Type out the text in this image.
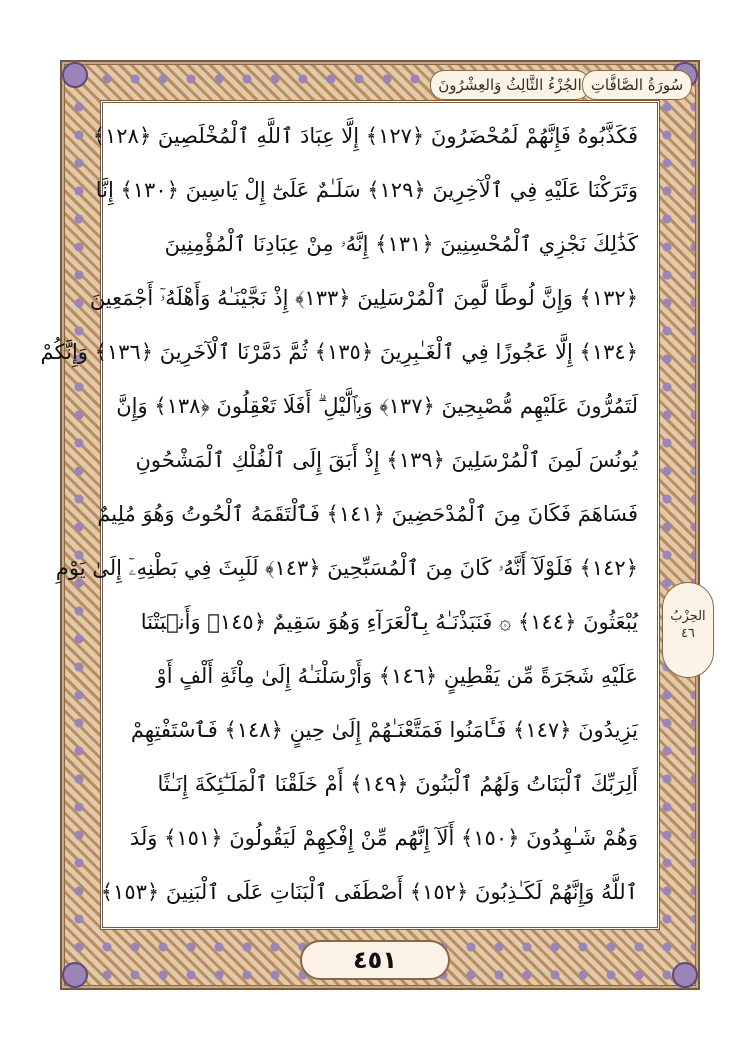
الجُزْءُ الثَّالِثُ وَالعِشْرُونَ سُورَةُ الصَّافَّاتِ
فَكَذَّبُوهُ فَإِنَّهُمْ لَمُحْضَرُونَ ﴿١٢٧﴾ إِلَّا عِبَادَ ٱللَّهِ ٱلْمُخْلَصِينَ ﴿١٢٨﴾
وَتَرَكْنَا عَلَيْهِ فِي ٱلْآخِرِينَ ﴿١٢٩﴾ سَلَـٰمٌ عَلَىٰٓ إِلْ يَاسِينَ ﴿١٣٠﴾ إِنَّا
كَذَٰلِكَ نَجْزِي ٱلْمُحْسِنِينَ ﴿١٣١﴾ إِنَّهُۥ مِنْ عِبَادِنَا ٱلْمُؤْمِنِينَ
﴿١٣٢﴾ وَإِنَّ لُوطًا لَّمِنَ ٱلْمُرْسَلِينَ ﴿١٣٣﴾ إِذْ نَجَّيْنَـٰهُ وَأَهْلَهُۥٓ أَجْمَعِينَ
﴿١٣٤﴾ إِلَّا عَجُوزًا فِي ٱلْغَـٰبِرِينَ ﴿١٣٥﴾ ثُمَّ دَمَّرْنَا ٱلْآخَرِينَ ﴿١٣٦﴾ وَإِنَّكُمْ
لَتَمُرُّونَ عَلَيْهِم مُّصْبِحِينَ ﴿١٣٧﴾ وَبِٱلَّيْلِ ۗ أَفَلَا تَعْقِلُونَ ﴿١٣٨﴾ وَإِنَّ
يُونُسَ لَمِنَ ٱلْمُرْسَلِينَ ﴿١٣٩﴾ إِذْ أَبَقَ إِلَى ٱلْفُلْكِ ٱلْمَشْحُونِ
فَسَاهَمَ فَكَانَ مِنَ ٱلْمُدْحَضِينَ ﴿١٤١﴾ فَٱلْتَقَمَهُ ٱلْحُوتُ وَهُوَ مُلِيمٌ
﴿١٤٢﴾ فَلَوْلَآ أَنَّهُۥ كَانَ مِنَ ٱلْمُسَبِّحِينَ ﴿١٤٣﴾ لَلَبِثَ فِي بَطْنِهِۦٓ إِلَىٰ يَوْمِ
يُبْعَثُونَ ﴿١٤٤﴾ ۞ فَنَبَذْنَـٰهُ بِٱلْعَرَآءِ وَهُوَ سَقِيمٌ ﴿١٤٥﴾ وَأَنۢبَتْنَا
عَلَيْهِ شَجَرَةً مِّن يَقْطِينٍ ﴿١٤٦﴾ وَأَرْسَلْنَـٰهُ إِلَىٰ مِاْئَةِ أَلْفٍ أَوْ
يَزِيدُونَ ﴿١٤٧﴾ فَـَٔامَنُوا فَمَتَّعْنَـٰهُمْ إِلَىٰ حِينٍ ﴿١٤٨﴾ فَٱسْتَفْتِهِمْ
أَلِرَبِّكَ ٱلْبَنَاتُ وَلَهُمُ ٱلْبَنُونَ ﴿١٤٩﴾ أَمْ خَلَقْنَا ٱلْمَلَـٰٓئِكَةَ إِنَـٰثًا
وَهُمْ شَـٰهِدُونَ ﴿١٥٠﴾ أَلَآ إِنَّهُم مِّنْ إِفْكِهِمْ لَيَقُولُونَ ﴿١٥١﴾ وَلَدَ
ٱللَّهُ وَإِنَّهُمْ لَكَـٰذِبُونَ ﴿١٥٢﴾ أَصْطَفَى ٱلْبَنَاتِ عَلَى ٱلْبَنِينَ ﴿١٥٣﴾
الحِزْبُ
٤٦
٤٥١
